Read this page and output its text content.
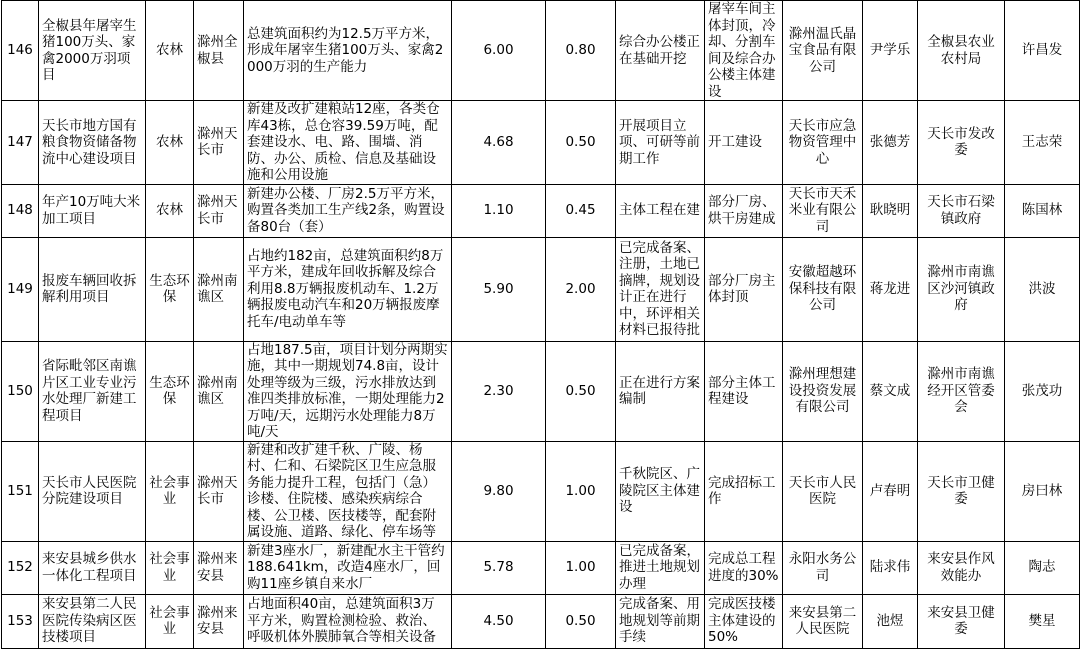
146	全椒县年屠宰生猪100万头、家禽2000万羽项目	农林	滁州全椒县	总建筑面积约为12.5万平方米，形成年屠宰生猪100万头、家禽2000万羽的生产能力	6.00	0.80	综合办公楼正在基础开挖	屠宰车间主体封顶，冷却、分割车间及综合办公楼主体建设	滁州温氏晶宝食品有限公司	尹学乐	全椒县农业农村局	许昌发
147	天长市地方国有粮食物资储备物流中心建设项目	农林	滁州天长市	新建及改扩建粮站12座，各类仓库43栋，总仓容39.59万吨，配套建设水、电、路、围墙、消防、办公、质检、信息及基础设施和公用设施	4.68	0.50	开展项目立项、可研等前期工作	开工建设	天长市应急物资管理中心	张德芳	天长市发改委	王志荣
148	年产10万吨大米加工项目	农林	滁州天长市	新建办公楼、厂房2.5万平方米，购置各类加工生产线2条，购置设备80台（套）	1.10	0.45	主体工程在建	部分厂房、烘干房建成	天长市天禾米业有限公司	耿晓明	天长市石梁镇政府	陈国林
149	报废车辆回收拆解利用项目	生态环保	滁州南谯区	占地约182亩，总建筑面积约8万平方米，建成年回收拆解及综合利用8.8万辆报废机动车、1.2万辆报废电动汽车和20万辆报废摩托车/电动单车等	5.90	2.00	已完成备案、注册，土地已摘牌，规划设计正在进行中，环评相关材料已报待批	部分厂房主体封顶	安徽超越环保科技有限公司	蒋龙进	滁州市南谯区沙河镇政府	洪波
150	省际毗邻区南谯片区工业专业污水处理厂新建工程项目	生态环保	滁州南谯区	占地187.5亩，项目计划分两期实施，其中一期规划74.8亩，设计处理等级为三级，污水排放达到准四类排放标准，一期处理能力2万吨/天，远期污水处理能力8万吨/天	2.30	0.50	正在进行方案编制	部分主体工程建设	滁州理想建设投资发展有限公司	蔡文成	滁州市南谯经开区管委会	张茂功
151	天长市人民医院分院建设项目	社会事业	滁州天长市	新建和改扩建千秋、广陵、杨村、仁和、石梁院区卫生应急服务能力提升工程，包括门（急）诊楼、住院楼、感染疾病综合楼、公卫楼、医技楼等，配套附属设施、道路、绿化、停车场等	9.80	1.00	千秋院区、广陵院区主体建设	完成招标工作	天长市人民医院	卢春明	天长市卫健委	房曰林
152	来安县城乡供水一体化工程项目	社会事业	滁州来安县	新建3座水厂，新建配水主干管约188.641km，改造4座水厂，回购11座乡镇自来水厂	5.78	1.00	已完成备案，推进土地规划办理	完成总工程进度的30%	永阳水务公司	陆求伟	来安县作风效能办	陶志
153	来安县第二人民医院传染病区医技楼项目	社会事业	滁州来安县	占地面积40亩，总建筑面积3万平方米，购置检测检验、救治、呼吸机体外膜肺氧合等相关设备	4.50	0.50	完成备案、用地规划等前期手续	完成医技楼主体建设的50%	来安县第二人民医院	池煜	来安县卫健委	樊星
